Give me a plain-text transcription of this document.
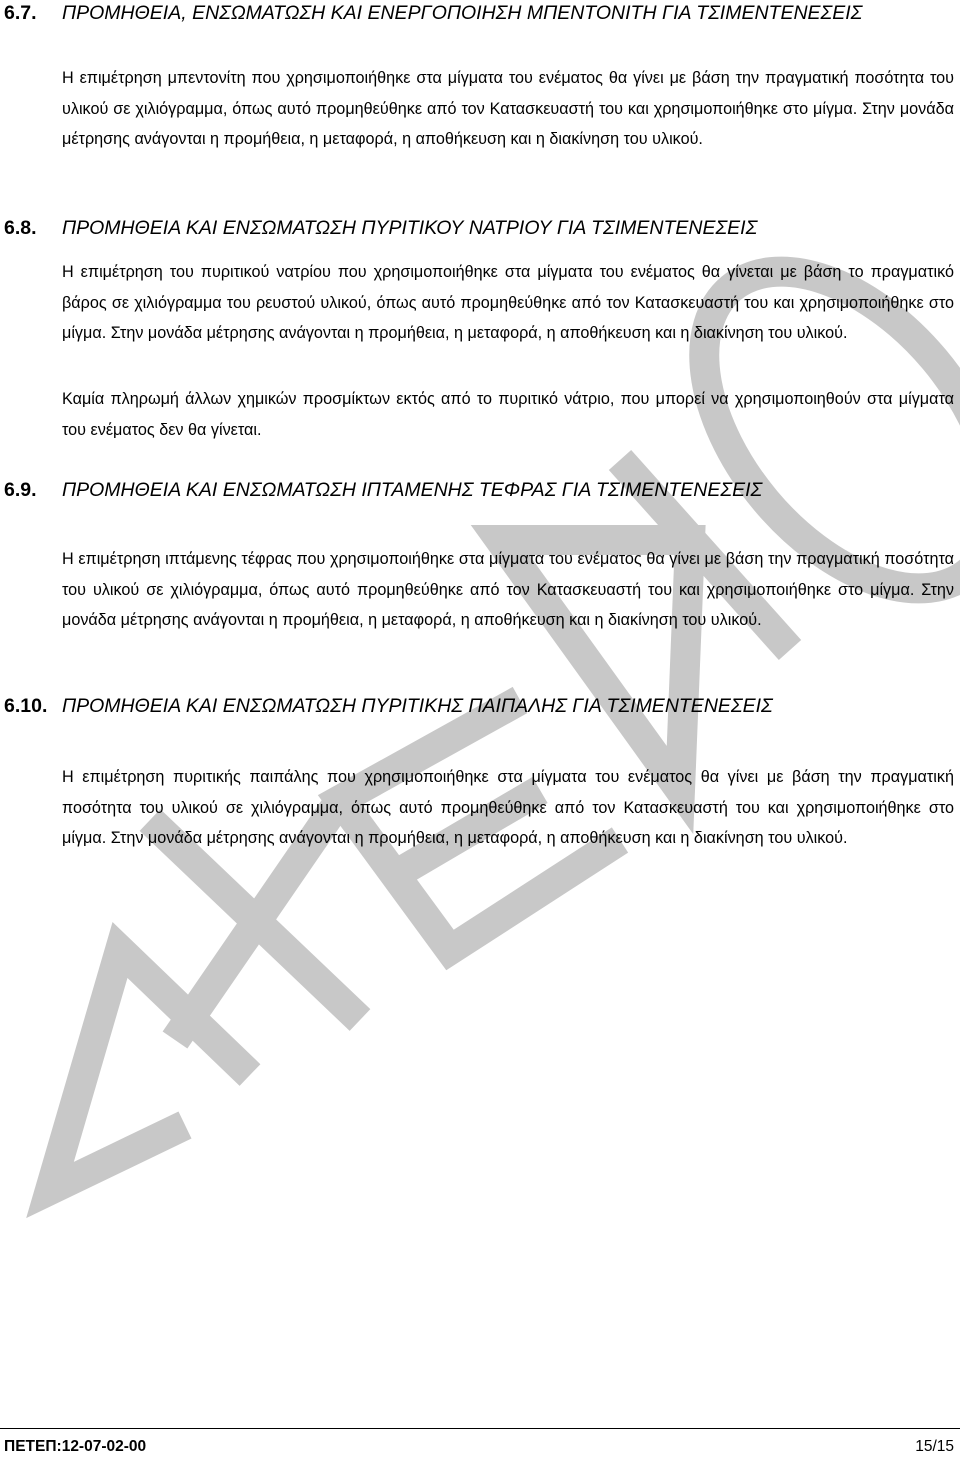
6.7. ΠΡΟΜΗΘΕΙΑ, ΕΝΣΩΜΑΤΩΣΗ ΚΑΙ ΕΝΕΡΓΟΠΟΙΗΣΗ ΜΠΕΝΤΟΝΙΤΗ ΓΙΑ ΤΣΙΜΕΝΤΕΝΕΣΕΙΣ
Η επιμέτρηση μπεντονίτη που χρησιμοποιήθηκε στα μίγματα του ενέματος θα γίνει με βάση την πραγματική ποσότητα του υλικού σε χιλιόγραμμα, όπως αυτό προμηθεύθηκε από τον Κατασκευαστή του και χρησιμοποιήθηκε στο μίγμα. Στην μονάδα μέτρησης ανάγονται η προμήθεια, η μεταφορά, η αποθήκευση και η διακίνηση του υλικού.
6.8. ΠΡΟΜΗΘΕΙΑ ΚΑΙ ΕΝΣΩΜΑΤΩΣΗ ΠΥΡΙΤΙΚΟΥ ΝΑΤΡΙΟΥ ΓΙΑ ΤΣΙΜΕΝΤΕΝΕΣΕΙΣ
Η επιμέτρηση του πυριτικού νατρίου που χρησιμοποιήθηκε στα μίγματα του ενέματος θα γίνεται με βάση το πραγματικό βάρος σε χιλιόγραμμα του ρευστού υλικού, όπως αυτό προμηθεύθηκε από τον Κατασκευαστή του και χρησιμοποιήθηκε στο μίγμα. Στην μονάδα μέτρησης ανάγονται η προμήθεια, η μεταφορά, η αποθήκευση και η διακίνηση του υλικού.
Καμία πληρωμή άλλων χημικών προσμίκτων εκτός από το πυριτικό νάτριο, που μπορεί να χρησιμοποιηθούν στα μίγματα του ενέματος δεν θα γίνεται.
6.9. ΠΡΟΜΗΘΕΙΑ ΚΑΙ ΕΝΣΩΜΑΤΩΣΗ ΙΠΤΑΜΕΝΗΣ ΤΕΦΡΑΣ ΓΙΑ ΤΣΙΜΕΝΤΕΝΕΣΕΙΣ
Η επιμέτρηση ιπτάμενης τέφρας που χρησιμοποιήθηκε στα μίγματα του ενέματος θα γίνει με βάση την πραγματική ποσότητα του υλικού σε χιλιόγραμμα, όπως αυτό προμηθεύθηκε από τον Κατασκευαστή του και χρησιμοποιήθηκε στο μίγμα. Στην μονάδα μέτρησης ανάγονται η προμήθεια, η μεταφορά, η αποθήκευση και η διακίνηση του υλικού.
6.10. ΠΡΟΜΗΘΕΙΑ ΚΑΙ ΕΝΣΩΜΑΤΩΣΗ ΠΥΡΙΤΙΚΗΣ ΠΑΙΠΑΛΗΣ ΓΙΑ ΤΣΙΜΕΝΤΕΝΕΣΕΙΣ
Η επιμέτρηση πυριτικής παιπάλης που χρησιμοποιήθηκε στα μίγματα του ενέματος θα γίνει με βάση την πραγματική ποσότητα του υλικού σε χιλιόγραμμα, όπως αυτό προμηθεύθηκε από τον Κατασκευαστή του και χρησιμοποιήθηκε στο μίγμα. Στην μονάδα μέτρησης ανάγονται η προμήθεια, η μεταφορά, η αποθήκευση και η διακίνηση του υλικού.
ΠΕΤΕΠ:12-07-02-00	15/15
